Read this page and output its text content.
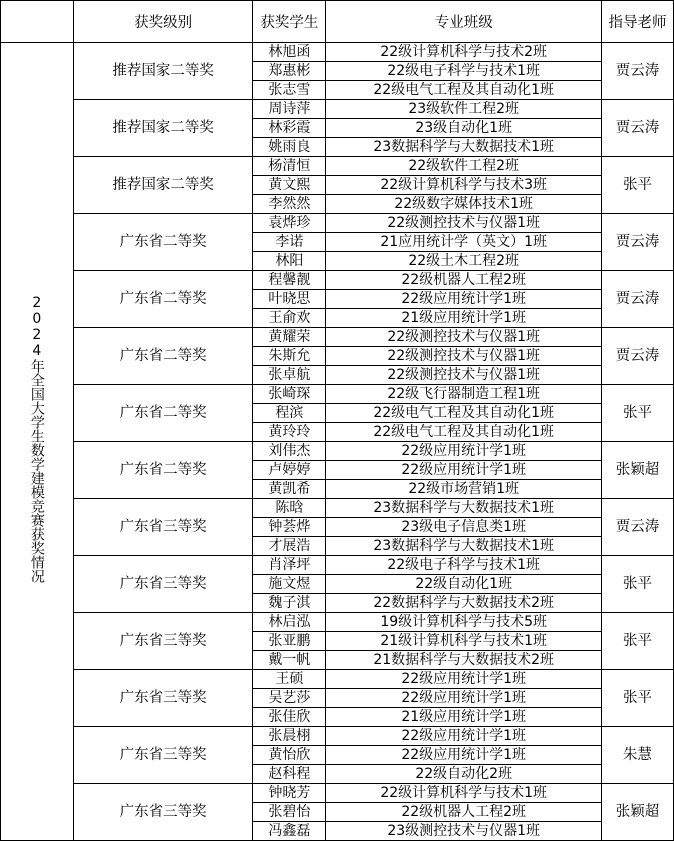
	获奖级别	获奖学生	专业班级	指导老师
2024年全国大学生数学建模竞赛获奖情况	推荐国家二等奖	林旭函	22级计算机科学与技术2班	贾云涛
		郑惠彬	22级电子科学与技术1班	
		张志雪	22级电气工程及其自动化1班	
	推荐国家二等奖	周诗萍	23级软件工程2班	贾云涛
		林彩霞	23级自动化1班	
		姚雨良	23数据科学与大数据技术1班	
	推荐国家二等奖	杨清恒	22级软件工程2班	张平
		黄文熙	22级计算机科学与技术3班	
		李然然	22级数字媒体技术1班	
	广东省二等奖	袁烨珍	22级测控技术与仪器1班	贾云涛
		李诺	21应用统计学（英文）1班	
		林阳	22级土木工程2班	
	广东省二等奖	程馨靓	22级机器人工程2班	贾云涛
		叶晓思	22级应用统计学1班	
		王俞欢	21级应用统计学1班	
	广东省二等奖	黄耀荣	22级测控技术与仪器1班	贾云涛
		朱斯允	22级测控技术与仪器1班	
		张卓航	22级测控技术与仪器1班	
	广东省二等奖	张崎琛	22级飞行器制造工程1班	张平
		程滨	22级电气工程及其自动化1班	
		黄玲玲	22级电气工程及其自动化1班	
	广东省二等奖	刘伟杰	22级应用统计学1班	张颖超
		卢婷婷	22级应用统计学1班	
		黄凯希	22级市场营销1班	
	广东省三等奖	陈晗	23数据科学与大数据技术1班	贾云涛
		钟荟烨	23级电子信息类1班	
		才展浩	23数据科学与大数据技术1班	
	广东省三等奖	肖泽坪	22级电子科学与技术1班	张平
		施文煜	22级自动化1班	
		魏子淇	22数据科学与大数据技术2班	
	广东省三等奖	林启泓	19级计算机科学与技术5班	张平
		张亚鹏	21级计算机科学与技术1班	
		戴一帆	21数据科学与大数据技术2班	
	广东省三等奖	王硕	22级应用统计学1班	张平
		吴艺莎	22级应用统计学1班	
		张佳欣	21级应用统计学1班	
	广东省三等奖	张晨栩	22级应用统计学1班	朱慧
		黄怡欣	22级应用统计学1班	
		赵科程	22级自动化2班	
	广东省三等奖	钟晓芳	22级计算机科学与技术1班	张颖超
		张碧怡	22级机器人工程2班	
		冯鑫磊	23级测控技术与仪器1班	
